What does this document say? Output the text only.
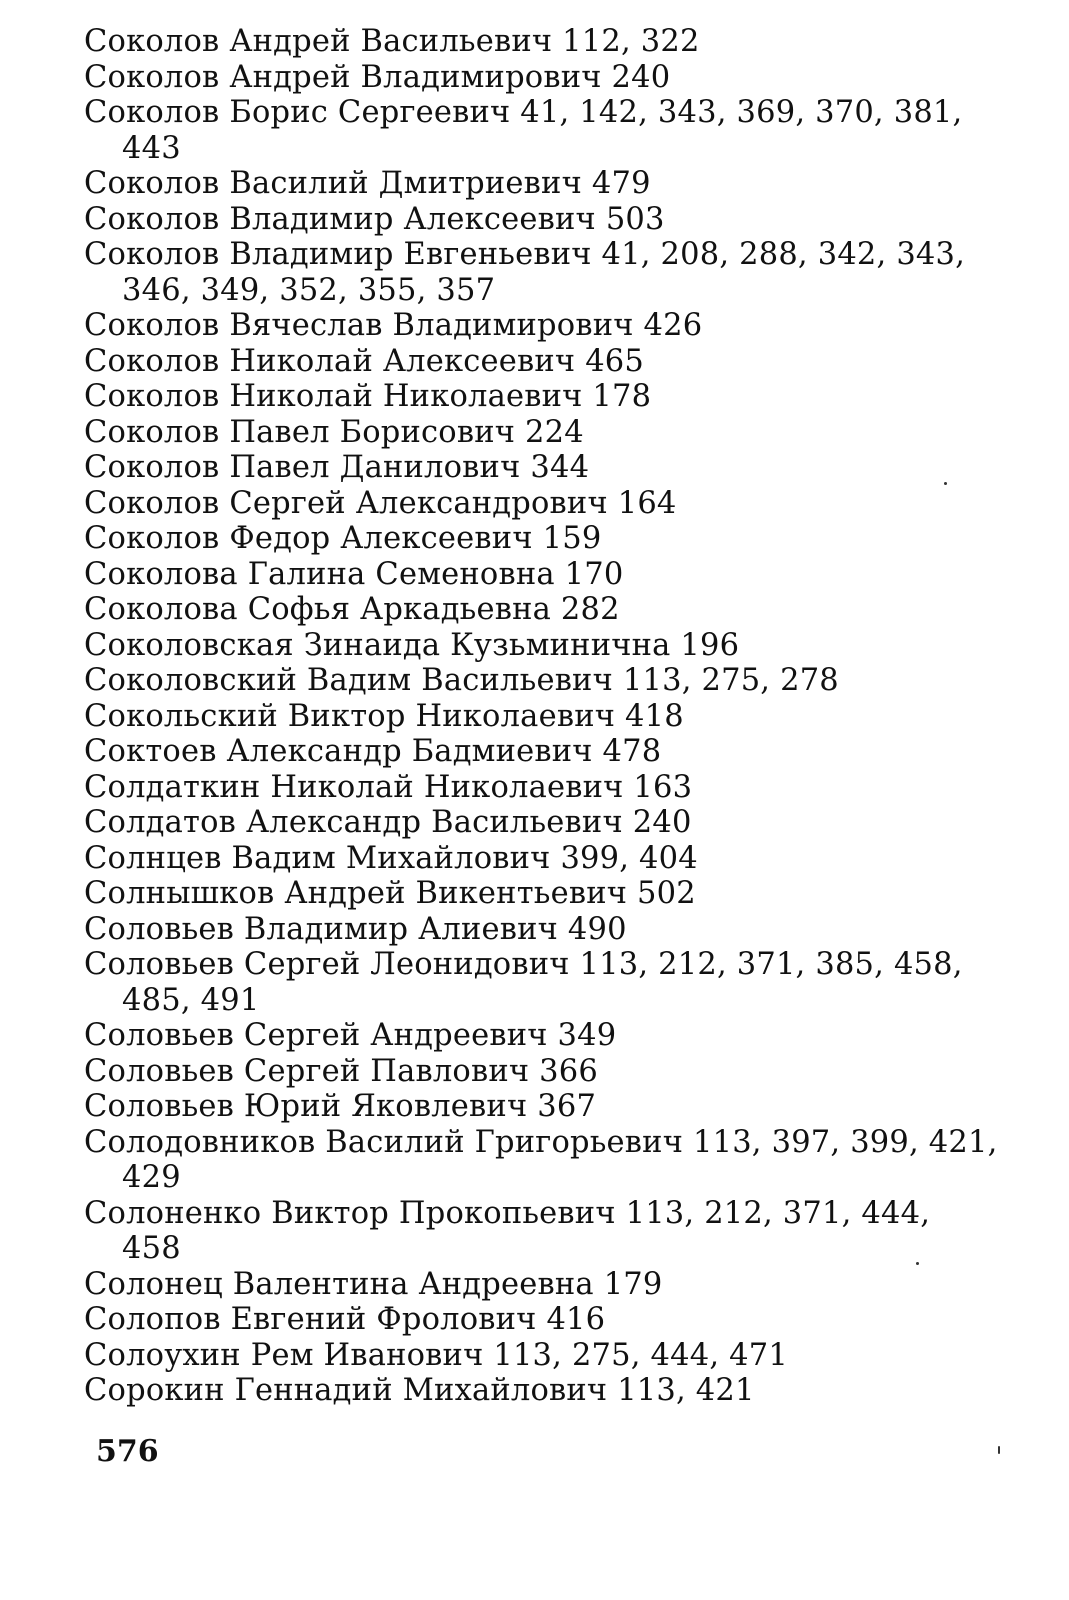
Соколов Андрей Васильевич 112, 322
Соколов Андрей Владимирович 240
Соколов Борис Сергеевич 41, 142, 343, 369, 370, 381,
443
Соколов Василий Дмитриевич 479
Соколов Владимир Алексеевич 503
Соколов Владимир Евгеньевич 41, 208, 288, 342, 343,
346, 349, 352, 355, 357
Соколов Вячеслав Владимирович 426
Соколов Николай Алексеевич 465
Соколов Николай Николаевич 178
Соколов Павел Борисович 224
Соколов Павел Данилович 344
Соколов Сергей Александрович 164
Соколов Федор Алексеевич 159
Соколова Галина Семеновна 170
Соколова Софья Аркадьевна 282
Соколовская Зинаида Кузьминична 196
Соколовский Вадим Васильевич 113, 275, 278
Сокольский Виктор Николаевич 418
Соктоев Александр Бадмиевич 478
Солдаткин Николай Николаевич 163
Солдатов Александр Васильевич 240
Солнцев Вадим Михайлович 399, 404
Солнышков Андрей Викентьевич 502
Соловьев Владимир Алиевич 490
Соловьев Сергей Леонидович 113, 212, 371, 385, 458,
485, 491
Соловьев Сергей Андреевич 349
Соловьев Сергей Павлович 366
Соловьев Юрий Яковлевич 367
Солодовников Василий Григорьевич 113, 397, 399, 421,
429
Солоненко Виктор Прокопьевич 113, 212, 371, 444,
458
Солонец Валентина Андреевна 179
Солопов Евгений Фролович 416
Солоухин Рем Иванович 113, 275, 444, 471
Сорокин Геннадий Михайлович 113, 421
576
